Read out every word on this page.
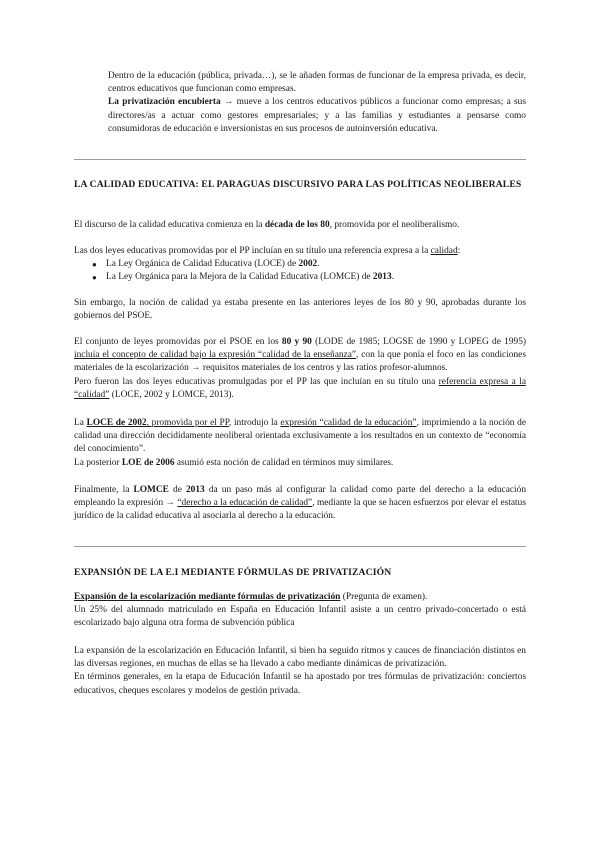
Dentro de la educación (pública, privada…), se le añaden formas de funcionar de la empresa privada, es decir, centros educativos que funcionan como empresas.

La privatización encubierta → mueve a los centros educativos públicos a funcionar como empresas; a sus directores/as a actuar como gestores empresariales; y a las familias y estudiantes a pensarse como consumidoras de educación e inversionistas en sus procesos de autoinversión educativa.

LA CALIDAD EDUCATIVA: EL PARAGUAS DISCURSIVO PARA LAS POLÍTICAS NEOLIBERALES

El discurso de la calidad educativa comienza en la década de los 80, promovida por el neoliberalismo.

Las dos leyes educativas promovidas por el PP incluían en su título una referencia expresa a la calidad:

● La Ley Orgánica de Calidad Educativa (LOCE) de 2002.
● La Ley Orgánica para la Mejora de la Calidad Educativa (LOMCE) de 2013.

Sin embargo, la noción de calidad ya estaba presente en las anteriores leyes de los 80 y 90, aprobadas durante los gobiernos del PSOE.

El conjunto de leyes promovidas por el PSOE en los 80 y 90 (LODE de 1985; LOGSE de 1990 y LOPEG de 1995) incluía el concepto de calidad bajo la expresión “calidad de la enseñanza”, con la que ponía el foco en las condiciones materiales de la escolarización → requisitos materiales de los centros y las ratios profesor-alumnos.

Pero fueron las dos leyes educativas promulgadas por el PP las que incluían en su título una referencia expresa a la “calidad” (LOCE, 2002 y LOMCE, 2013).

La LOCE de 2002, promovida por el PP, introdujo la expresión “calidad de la educación”, imprimiendo a la noción de calidad una dirección decididamente neoliberal orientada exclusivamente a los resultados en un contexto de “economía del conocimiento”.

La posterior LOE de 2006 asumió esta noción de calidad en términos muy similares.

Finalmente, la LOMCE de 2013 da un paso más al configurar la calidad como parte del derecho a la educación empleando la expresión → “derecho a la educación de calidad”, mediante la que se hacen esfuerzos por elevar el estatus jurídico de la calidad educativa al asociarla al derecho a la educación.

EXPANSIÓN DE LA E.I MEDIANTE FÓRMULAS DE PRIVATIZACIÓN

Expansión de la escolarización mediante fórmulas de privatización (Pregunta de examen).

Un 25% del alumnado matriculado en España en Educación Infantil asiste a un centro privado-concertado o está escolarizado bajo alguna otra forma de subvención pública

La expansión de la escolarización en Educación Infantil, si bien ha seguido ritmos y cauces de financiación distintos en las diversas regiones, en muchas de ellas se ha llevado a cabo mediante dinámicas de privatización.

En términos generales, en la etapa de Educación Infantil se ha apostado por tres fórmulas de privatización: conciertos educativos, cheques escolares y modelos de gestión privada.
